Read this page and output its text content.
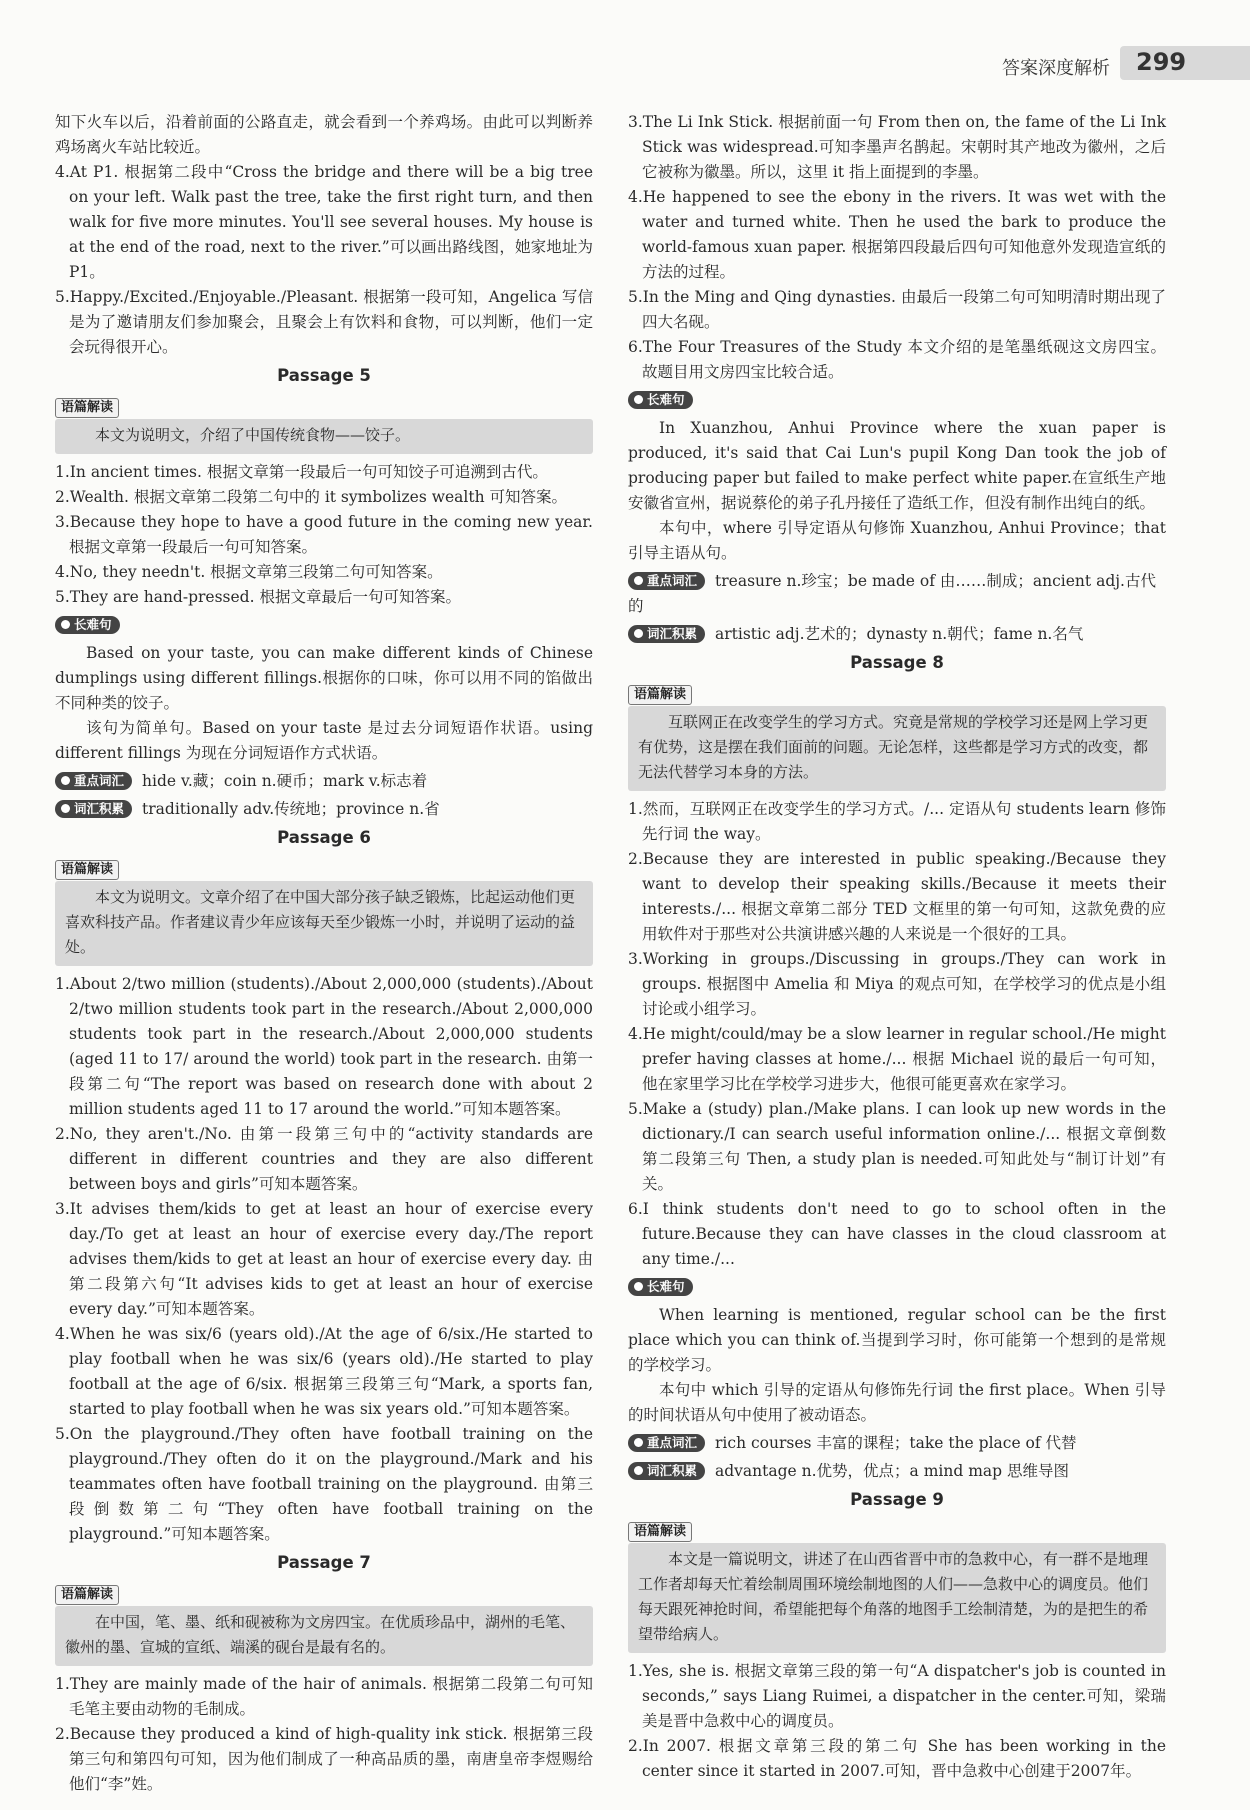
答案深度解析 299

知下火车以后，沿着前面的公路直走，就会看到一个养鸡场。由此可以判断养鸡场离火车站比较近。

4.At P1. 根据第二段中“Cross the bridge and there will be a big tree on your left. Walk past the tree, take the first right turn, and then walk for five more minutes. You'll see several houses. My house is at the end of the road, next to the river.”可以画出路线图，她家地址为P1。

5.Happy./Excited./Enjoyable./Pleasant. 根据第一段可知，Angelica 写信是为了邀请朋友们参加聚会，且聚会上有饮料和食物，可以判断，他们一定会玩得很开心。

Passage 5
语篇解读
本文为说明文，介绍了中国传统食物——饺子。

1.In ancient times. 根据文章第一段最后一句可知饺子可追溯到古代。

2.Wealth. 根据文章第二段第二句中的 it symbolizes wealth 可知答案。

3.Because they hope to have a good future in the coming new year. 根据文章第一段最后一句可知答案。

4.No, they needn't. 根据文章第三段第二句可知答案。

5.They are hand-pressed. 根据文章最后一句可知答案。

长难句

Based on your taste, you can make different kinds of Chinese dumplings using different fillings.根据你的口味，你可以用不同的馅做出不同种类的饺子。

该句为简单句。Based on your taste 是过去分词短语作状语。using different fillings 为现在分词短语作方式状语。

重点词汇 hide v.藏；coin n.硬币；mark v.标志着
词汇积累 traditionally adv.传统地；province n.省
Passage 6
语篇解读
本文为说明文。文章介绍了在中国大部分孩子缺乏锻炼，比起运动他们更喜欢科技产品。作者建议青少年应该每天至少锻炼一小时，并说明了运动的益处。

1.About 2/two million (students)./About 2,000,000 (students)./About 2/two million students took part in the research./About 2,000,000 students took part in the research./About 2,000,000 students (aged 11 to 17/ around the world) took part in the research. 由第一段第二句“The report was based on research done with about 2 million students aged 11 to 17 around the world.”可知本题答案。

2.No, they aren't./No. 由第一段第三句中的“activity standards are different in different countries and they are also different between boys and girls”可知本题答案。

3.It advises them/kids to get at least an hour of exercise every day./To get at least an hour of exercise every day./The report advises them/kids to get at least an hour of exercise every day. 由第二段第六句“It advises kids to get at least an hour of exercise every day.”可知本题答案。

4.When he was six/6 (years old)./At the age of 6/six./He started to play football when he was six/6 (years old)./He started to play football at the age of 6/six. 根据第三段第三句“Mark, a sports fan, started to play football when he was six years old.”可知本题答案。

5.On the playground./They often have football training on the playground./They often do it on the playground./Mark and his teammates often have football training on the playground. 由第三段倒数第二句“They often have football training on the playground.”可知本题答案。

Passage 7
语篇解读
在中国，笔、墨、纸和砚被称为文房四宝。在优质珍品中，湖州的毛笔、徽州的墨、宣城的宣纸、端溪的砚台是最有名的。

1.They are mainly made of the hair of animals. 根据第二段第二句可知毛笔主要由动物的毛制成。

2.Because they produced a kind of high-quality ink stick. 根据第三段第三句和第四句可知，因为他们制成了一种高品质的墨，南唐皇帝李煜赐给他们“李”姓。

3.The Li Ink Stick. 根据前面一句 From then on, the fame of the Li Ink Stick was widespread.可知李墨声名鹊起。宋朝时其产地改为徽州，之后它被称为徽墨。所以，这里 it 指上面提到的李墨。

4.He happened to see the ebony in the rivers. It was wet with the water and turned white. Then he used the bark to produce the world-famous xuan paper. 根据第四段最后四句可知他意外发现造宣纸的方法的过程。

5.In the Ming and Qing dynasties. 由最后一段第二句可知明清时期出现了四大名砚。

6.The Four Treasures of the Study 本文介绍的是笔墨纸砚这文房四宝。故题目用文房四宝比较合适。

长难句

In Xuanzhou, Anhui Province where the xuan paper is produced, it's said that Cai Lun's pupil Kong Dan took the job of producing paper but failed to make perfect white paper.在宣纸生产地安徽省宣州，据说蔡伦的弟子孔丹接任了造纸工作，但没有制作出纯白的纸。

本句中，where 引导定语从句修饰 Xuanzhou, Anhui Province；that 引导主语从句。

重点词汇 treasure n.珍宝；be made of 由……制成；ancient adj.古代的
词汇积累 artistic adj.艺术的；dynasty n.朝代；fame n.名气
Passage 8
语篇解读
互联网正在改变学生的学习方式。究竟是常规的学校学习还是网上学习更有优势，这是摆在我们面前的问题。无论怎样，这些都是学习方式的改变，都无法代替学习本身的方法。

1.然而，互联网正在改变学生的学习方式。/... 定语从句 students learn 修饰先行词 the way。

2.Because they are interested in public speaking./Because they want to develop their speaking skills./Because it meets their interests./... 根据文章第二部分 TED 文框里的第一句可知，这款免费的应用软件对于那些对公共演讲感兴趣的人来说是一个很好的工具。

3.Working in groups./Discussing in groups./They can work in groups. 根据图中 Amelia 和 Miya 的观点可知，在学校学习的优点是小组讨论或小组学习。

4.He might/could/may be a slow learner in regular school./He might prefer having classes at home./... 根据 Michael 说的最后一句可知，他在家里学习比在学校学习进步大，他很可能更喜欢在家学习。

5.Make a (study) plan./Make plans. I can look up new words in the dictionary./I can search useful information online./... 根据文章倒数第二段第三句 Then, a study plan is needed.可知此处与“制订计划”有关。

6.I think students don't need to go to school often in the future.Because they can have classes in the cloud classroom at any time./...

长难句

When learning is mentioned, regular school can be the first place which you can think of.当提到学习时，你可能第一个想到的是常规的学校学习。

本句中 which 引导的定语从句修饰先行词 the first place。When 引导的时间状语从句中使用了被动语态。

重点词汇 rich courses 丰富的课程；take the place of 代替
词汇积累 advantage n.优势，优点；a mind map 思维导图
Passage 9
语篇解读
本文是一篇说明文，讲述了在山西省晋中市的急救中心，有一群不是地理工作者却每天忙着绘制周围环境绘制地图的人们——急救中心的调度员。他们每天跟死神抢时间，希望能把每个角落的地图手工绘制清楚，为的是把生的希望带给病人。

1.Yes, she is. 根据文章第三段的第一句“A dispatcher's job is counted in seconds,” says Liang Ruimei, a dispatcher in the center.可知，梁瑞美是晋中急救中心的调度员。

2.In 2007. 根据文章第三段的第二句 She has been working in the center since it started in 2007.可知，晋中急救中心创建于2007年。
